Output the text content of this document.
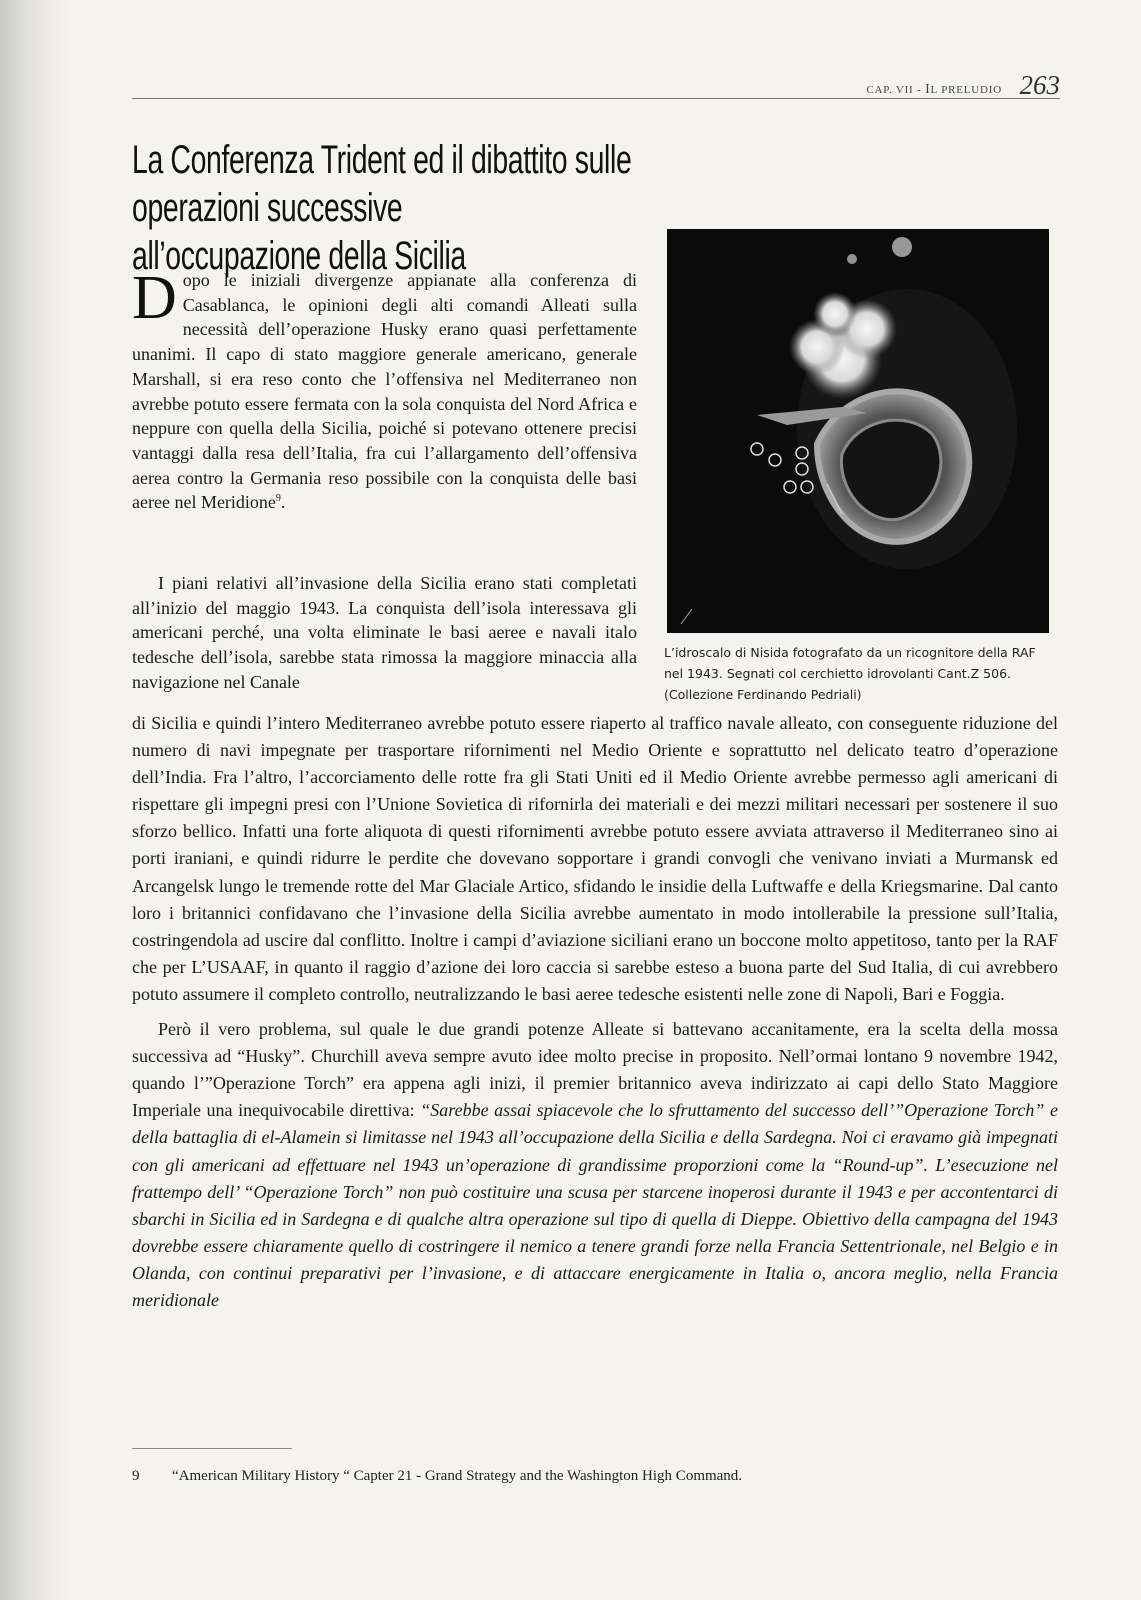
CAP. VII - IL PRELUDIO 263
La Conferenza Trident ed il dibattito sulle operazioni successive
all’occupazione della Sicilia
L’idroscalo di Nisida fotografato da un ricognitore della RAF nel 1943. Segnati col cerchietto idrovolanti Cant.Z 506. (Collezione Ferdinando Pedriali)

Dopo le iniziali divergenze appianate alla conferenza di Casablanca, le opinioni degli alti comandi Alleati sulla necessità dell’operazione Husky erano quasi perfettamente unanimi. Il capo di stato maggiore generale americano, generale Marshall, si era reso conto che l’offensiva nel Mediterraneo non avrebbe potuto essere fermata con la sola conquista del Nord Africa e neppure con quella della Sicilia, poiché si potevano ottenere precisi vantaggi dalla resa dell’Italia, fra cui l’allargamento dell’offensiva aerea contro la Germania reso possibile con la conquista delle basi aeree nel Meridione$^9$.

I piani relativi all’invasione della Sicilia erano stati completati all’inizio del maggio 1943. La conquista dell’isola interessava gli americani perché, una volta eliminate le basi aeree e navali italo tedesche dell’isola, sarebbe stata rimossa la maggiore minaccia alla navigazione nel Canale

di Sicilia e quindi l’intero Mediterraneo avrebbe potuto essere riaperto al traffico navale alleato, con conseguente riduzione del numero di navi impegnate per trasportare rifornimenti nel Medio Oriente e soprattutto nel delicato teatro d’operazione dell’India. Fra l’altro, l’accorciamento delle rotte fra gli Stati Uniti ed il Medio Oriente avrebbe permesso agli americani di rispettare gli impegni presi con l’Unione Sovietica di rifornirla dei materiali e dei mezzi militari necessari per sostenere il suo sforzo bellico. Infatti una forte aliquota di questi rifornimenti avrebbe potuto essere avviata attraverso il Mediterraneo sino ai porti iraniani, e quindi ridurre le perdite che dovevano sopportare i grandi convogli che venivano inviati a Murmansk ed Arcangelsk lungo le tremende rotte del Mar Glaciale Artico, sfidando le insidie della Luftwaffe e della Kriegsmarine. Dal canto loro i britannici confidavano che l’invasione della Sicilia avrebbe aumentato in modo intollerabile la pressione sull’Italia, costringendola ad uscire dal conflitto. Inoltre i campi d’aviazione siciliani erano un boccone molto appetitoso, tanto per la RAF che per L’USAAF, in quanto il raggio d’azione dei loro caccia si sarebbe esteso a buona parte del Sud Italia, di cui avrebbero potuto assumere il completo controllo, neutralizzando le basi aeree tedesche esistenti nelle zone di Napoli, Bari e Foggia.

Però il vero problema, sul quale le due grandi potenze Alleate si battevano accanitamente, era la scelta della mossa successiva ad “Husky”. Churchill aveva sempre avuto idee molto precise in proposito. Nell’ormai lontano 9 novembre 1942, quando l’”Operazione Torch” era appena agli inizi, il premier britannico aveva indirizzato ai capi dello Stato Maggiore Imperiale una inequivocabile direttiva: “Sarebbe assai spiacevole che lo sfruttamento del successo dell’”Operazione Torch” e della battaglia di el-Alamein si limitasse nel 1943 all’occupazione della Sicilia e della Sardegna. Noi ci eravamo già impegnati con gli americani ad effettuare nel 1943 un’operazione di grandissime proporzioni come la “Round-up”. L’esecuzione nel frattempo dell’ “Operazione Torch” non può costituire una scusa per starcene inoperosi durante il 1943 e per accontentarci di sbarchi in Sicilia ed in Sardegna e di qualche altra operazione sul tipo di quella di Dieppe. Obiettivo della campagna del 1943 dovrebbe essere chiaramente quello di costringere il nemico a tenere grandi forze nella Francia Settentrionale, nel Belgio e in Olanda, con continui preparativi per l’invasione, e di attaccare energicamente in Italia o, ancora meglio, nella Francia meridionale

9 “American Military History “ Capter 21 - Grand Strategy and the Washington High Command.
